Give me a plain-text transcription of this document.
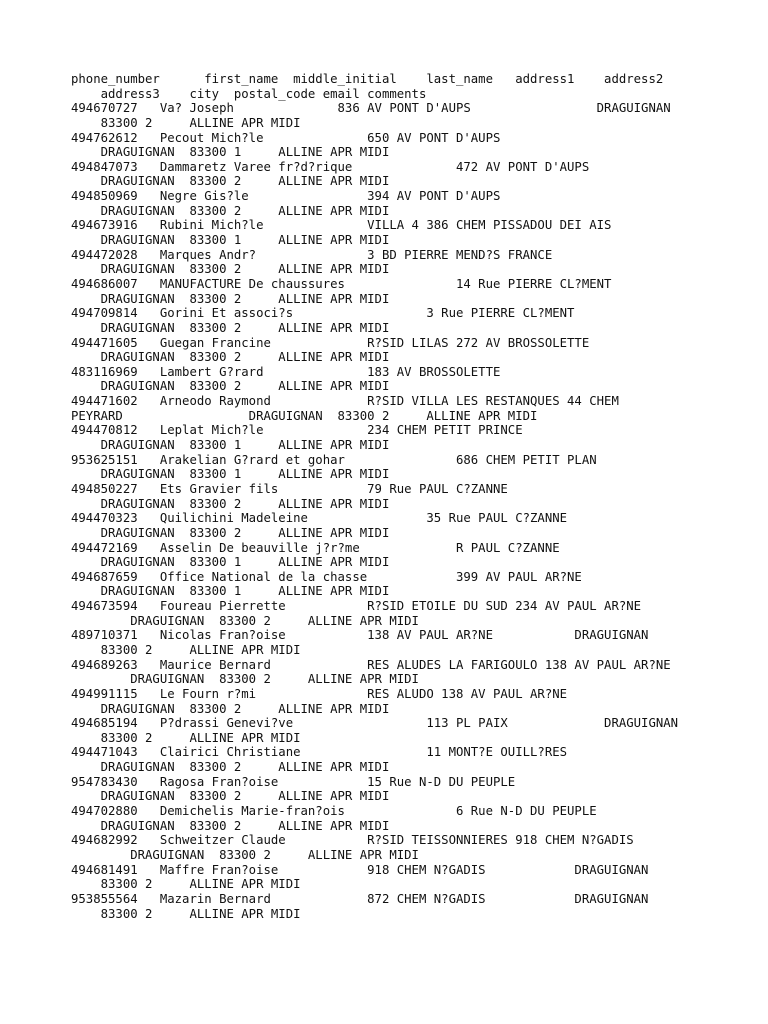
phone_number      first_name  middle_initial    last_name   address1    address2
address3    city  postal_code email comments
494670727   Va? Joseph              836 AV PONT D'AUPS                 DRAGUIGNAN
83300 2     ALLINE APR MIDI
494762612   Pecout Mich?le              650 AV PONT D'AUPS
DRAGUIGNAN  83300 1     ALLINE APR MIDI
494847073   Dammaretz Varee fr?d?rique              472 AV PONT D'AUPS
DRAGUIGNAN  83300 2     ALLINE APR MIDI
494850969   Negre Gis?le                394 AV PONT D'AUPS
DRAGUIGNAN  83300 2     ALLINE APR MIDI
494673916   Rubini Mich?le              VILLA 4 386 CHEM PISSADOU DEI AIS
DRAGUIGNAN  83300 1     ALLINE APR MIDI
494472028   Marques Andr?               3 BD PIERRE MEND?S FRANCE
DRAGUIGNAN  83300 2     ALLINE APR MIDI
494686007   MANUFACTURE De chaussures               14 Rue PIERRE CL?MENT
DRAGUIGNAN  83300 2     ALLINE APR MIDI
494709814   Gorini Et associ?s                  3 Rue PIERRE CL?MENT
DRAGUIGNAN  83300 2     ALLINE APR MIDI
494471605   Guegan Francine             R?SID LILAS 272 AV BROSSOLETTE
DRAGUIGNAN  83300 2     ALLINE APR MIDI
483116969   Lambert G?rard              183 AV BROSSOLETTE
DRAGUIGNAN  83300 2     ALLINE APR MIDI
494471602   Arneodo Raymond             R?SID VILLA LES RESTANQUES 44 CHEM
PEYRARD                 DRAGUIGNAN  83300 2     ALLINE APR MIDI
494470812   Leplat Mich?le              234 CHEM PETIT PRINCE
DRAGUIGNAN  83300 1     ALLINE APR MIDI
953625151   Arakelian G?rard et gohar               686 CHEM PETIT PLAN
DRAGUIGNAN  83300 1     ALLINE APR MIDI
494850227   Ets Gravier fils            79 Rue PAUL C?ZANNE
DRAGUIGNAN  83300 2     ALLINE APR MIDI
494470323   Quilichini Madeleine                35 Rue PAUL C?ZANNE
DRAGUIGNAN  83300 2     ALLINE APR MIDI
494472169   Asselin De beauville j?r?me             R PAUL C?ZANNE
DRAGUIGNAN  83300 1     ALLINE APR MIDI
494687659   Office National de la chasse            399 AV PAUL AR?NE
DRAGUIGNAN  83300 1     ALLINE APR MIDI
494673594   Foureau Pierrette           R?SID ETOILE DU SUD 234 AV PAUL AR?NE
DRAGUIGNAN  83300 2     ALLINE APR MIDI
489710371   Nicolas Fran?oise           138 AV PAUL AR?NE           DRAGUIGNAN
83300 2     ALLINE APR MIDI
494689263   Maurice Bernard             RES ALUDES LA FARIGOULO 138 AV PAUL AR?NE
DRAGUIGNAN  83300 2     ALLINE APR MIDI
494991115   Le Fourn r?mi               RES ALUDO 138 AV PAUL AR?NE
DRAGUIGNAN  83300 2     ALLINE APR MIDI
494685194   P?drassi Genevi?ve                  113 PL PAIX             DRAGUIGNAN
83300 2     ALLINE APR MIDI
494471043   Clairici Christiane                 11 MONT?E OUILL?RES
DRAGUIGNAN  83300 2     ALLINE APR MIDI
954783430   Ragosa Fran?oise            15 Rue N-D DU PEUPLE
DRAGUIGNAN  83300 2     ALLINE APR MIDI
494702880   Demichelis Marie-fran?ois               6 Rue N-D DU PEUPLE
DRAGUIGNAN  83300 2     ALLINE APR MIDI
494682992   Schweitzer Claude           R?SID TEISSONNIERES 918 CHEM N?GADIS
DRAGUIGNAN  83300 2     ALLINE APR MIDI
494681491   Maffre Fran?oise            918 CHEM N?GADIS            DRAGUIGNAN
83300 2     ALLINE APR MIDI
953855564   Mazarin Bernard             872 CHEM N?GADIS            DRAGUIGNAN
83300 2     ALLINE APR MIDI
